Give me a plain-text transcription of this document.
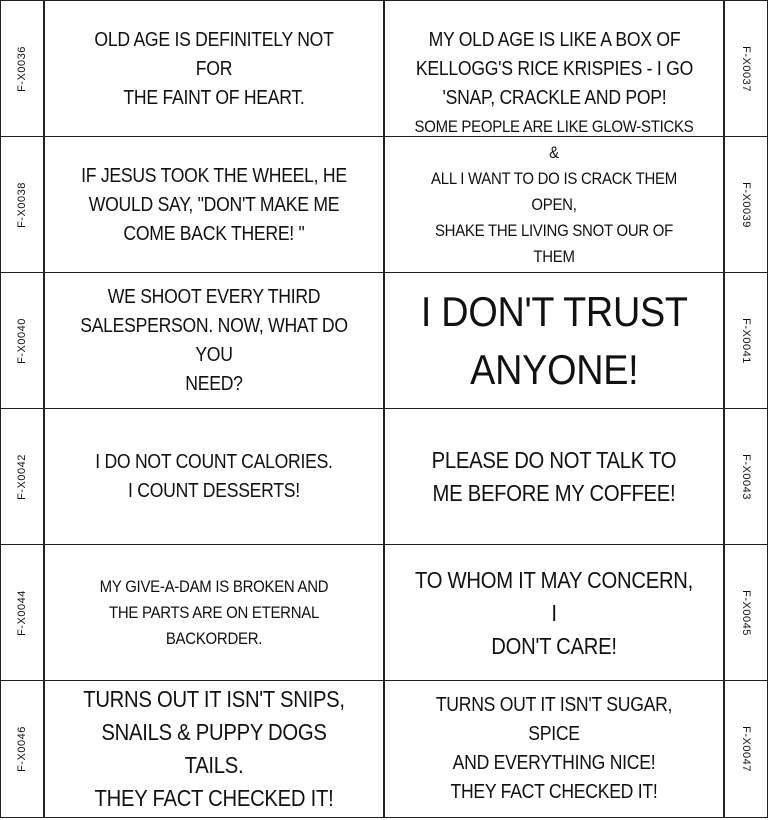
F-X0036
OLD AGE IS DEFINITELY NOT FOR
THE FAINT OF HEART.
MY OLD AGE IS LIKE A BOX OF
KELLOGG'S RICE KRISPIES - I GO
'SNAP, CRACKLE AND POP!
F-X0037
F-X0038
IF JESUS TOOK THE WHEEL, HE
WOULD SAY, "DON'T MAKE ME
COME BACK THERE! "
SOME PEOPLE ARE LIKE GLOW-STICKS &
ALL I WANT TO DO IS CRACK THEM OPEN,
SHAKE THE LIVING SNOT OUR OF THEM

F-X0039
F-X0040
WE SHOOT EVERY THIRD
SALESPERSON. NOW, WHAT DO YOU
NEED?
I DON'T TRUST
ANYONE!
F-X0041
F-X0042	I DO NOT COUNT CALORIES.
I COUNT DESSERTS!
PLEASE DO NOT TALK TO
ME BEFORE MY COFFEE!	F-X0043
F-X0044
MY GIVE-A-DAM IS BROKEN AND
THE PARTS ARE ON ETERNAL BACKORDER.
TO WHOM IT MAY CONCERN, I
DON'T CARE!
F-X0045
F-X0046
TURNS OUT IT ISN'T SNIPS,
SNAILS & PUPPY DOGS TAILS.
THEY FACT CHECKED IT!
TURNS OUT IT ISN'T SUGAR, SPICE
AND EVERYTHING NICE!
THEY FACT CHECKED IT!
F-X0047
